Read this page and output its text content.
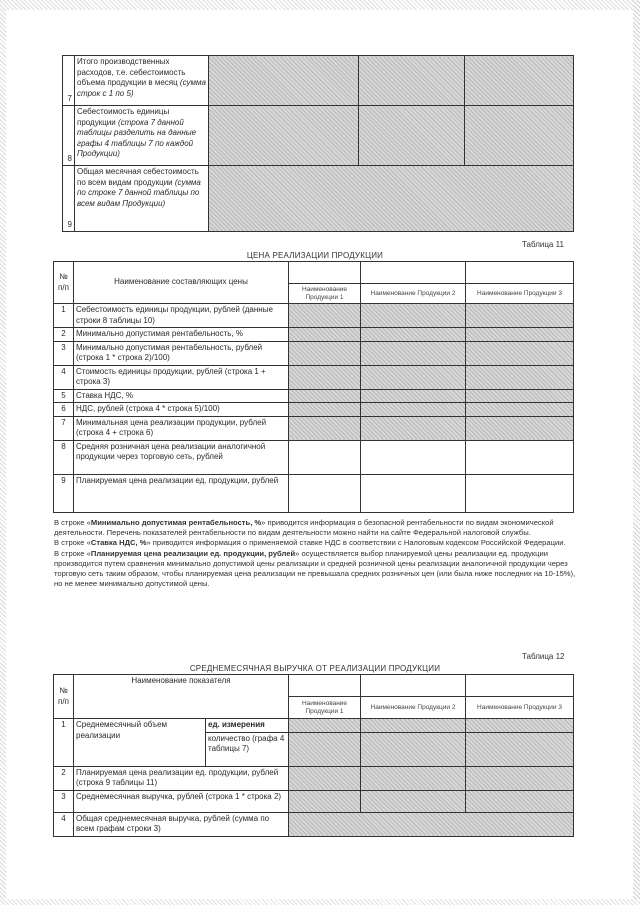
7	Итого производственных расходов, т.е. себестоимость объема продукции в месяц (сумма строк с 1 по 5)			
8	Себестоимость единицы продукции (строка 7 данной таблицы разделить на данные графы 4 таблицы 7 по каждой Продукции)			
9	Общая месячная себестоимость по всем видам продукции (сумма по строке 7 данной таблицы по всем видам Продукции)			
Таблица 11
ЦЕНА РЕАЛИЗАЦИИ ПРОДУКЦИИ
№ п/п	Наименование составляющих цены			
		Наименование Продукции 1	Наименование Продукции 2	Наименование Продукции 3
1	Себестоимость единицы продукции, рублей (данные строки 8 таблицы 10)			
2	Минимально допустимая рентабельность, %			
3	Минимально допустимая рентабельность, рублей (строка 1 * строка 2)/100)			
4	Стоимость единицы продукции, рублей (строка 1 + строка 3)			
5	Ставка НДС, %			
6	НДС, рублей (строка 4 * строка 5)/100)			
7	Минимальная цена реализации продукции, рублей (строка 4 + строка 6)			
8	Средняя розничная цена реализации аналогичной продукции через торговую сеть, рублей			
9	Планируемая цена реализации ед. продукции, рублей			

В строке «Минимально допустимая рентабельность, %» приводится информация о безопасной рентабельности по видам экономической деятельности. Перечень показателей рентабельности по видам деятельности можно найти на сайте Федеральной налоговой службы.

В строке «Ставка НДС, %» приводится информация о применяемой ставке НДС в соответствии с Налоговым кодексом Российской Федерации.

В строке «Планируемая цена реализации ед. продукции, рублей» осуществляется выбор планируемой цены реализации ед. продукции производится путем сравнения минимально допустимой цены реализации и средней розничной цены реализации аналогичной продукции через торговую сеть таким образом, чтобы планируемая цена реализации не превышала средних розничных цен (или была ниже последних на 10-15%), но не менее минимально допустимой цены.

Таблица 12
СРЕДНЕМЕСЯЧНАЯ ВЫРУЧКА ОТ РЕАЛИЗАЦИИ ПРОДУКЦИИ
№ п/п	Наименование показателя				
			Наименование Продукции 1	Наименование Продукции 2	Наименование Продукции 3
1	Среднемесячный объем реализации	ед. измерения			
		количество (графа 4 таблицы 7)			
2	Планируемая цена реализации ед. продукции, рублей (строка 9 таблицы 11)				
3	Среднемесячная выручка, рублей (строка 1 * строка 2)				
4	Общая среднемесячная выручка, рублей (сумма по всем графам строки 3)				
